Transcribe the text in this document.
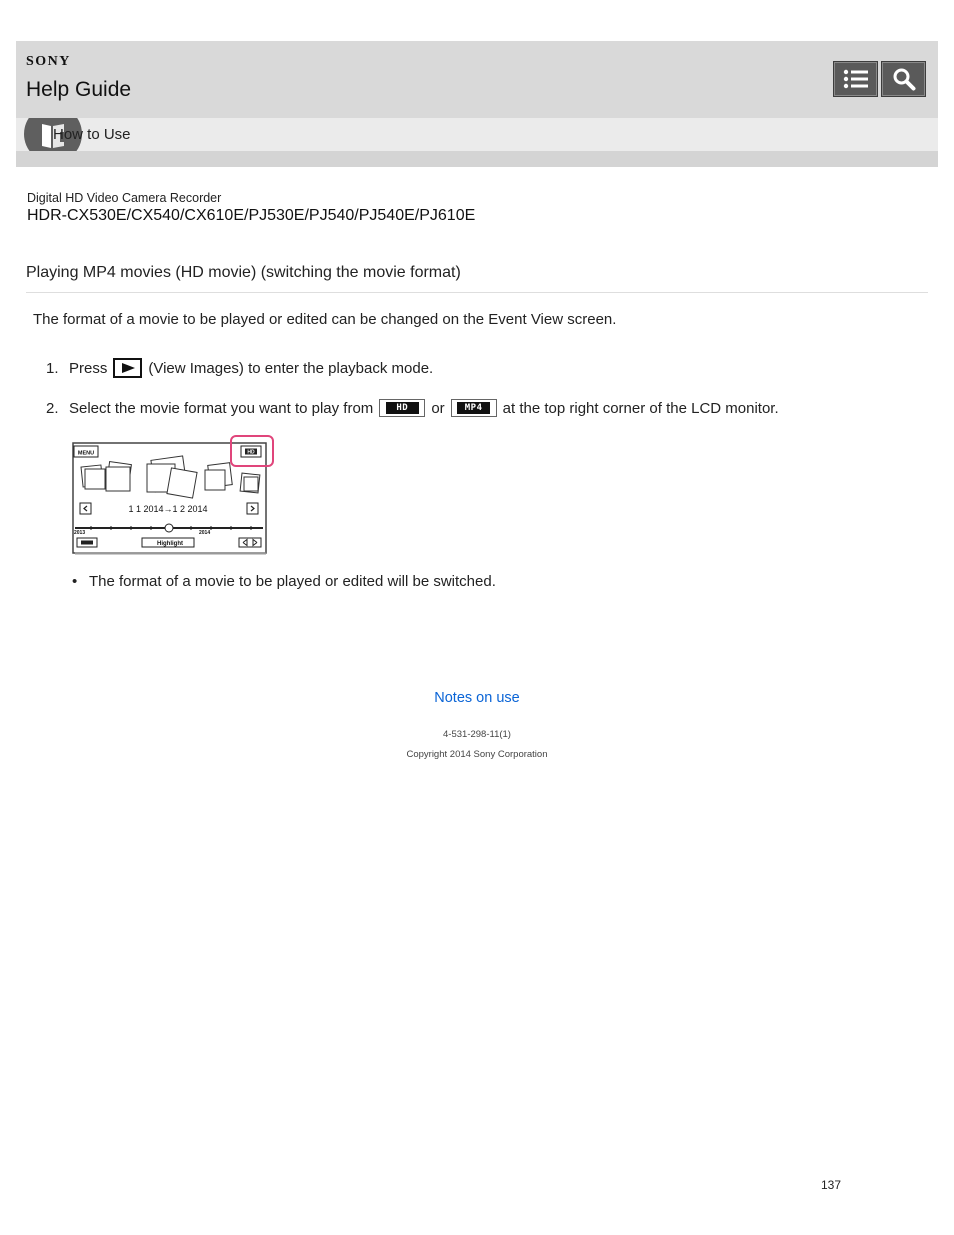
SONY
Help Guide
How to Use
Digital HD Video Camera Recorder
HDR-CX530E/CX540/CX610E/PJ530E/PJ540/PJ540E/PJ610E
Playing MP4 movies (HD movie) (switching the movie format)
The format of a movie to be played or edited can be changed on the Event View screen.
1. Press	(View Images) to enter the playback mode.
2. Select the movie format you want to play from	HD	or	MP4	at the top right corner of the LCD monitor.
MENU	HD
1 1 2014→1 2 2014
2013	2014
Highlight
• The format of a movie to be played or edited will be switched.
Notes on use
4-531-298-11(1)
Copyright 2014 Sony Corporation
137
